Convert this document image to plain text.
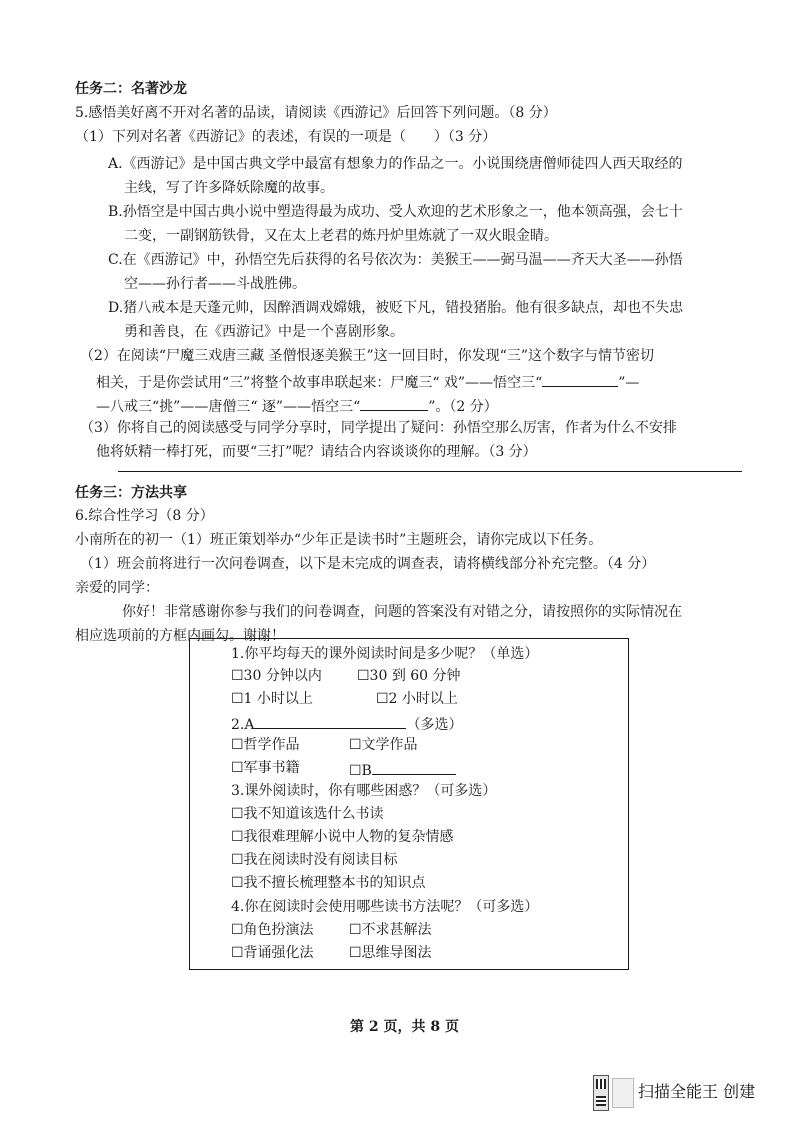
任务二：名著沙龙
5.感悟美好离不开对名著的品读，请阅读《西游记》后回答下列问题。（8 分）
（1）下列对名著《西游记》的表述，有误的一项是（　　）（3 分）
A.《西游记》是中国古典文学中最富有想象力的作品之一。小说围绕唐僧师徒四人西天取经的
主线，写了许多降妖除魔的故事。
B.孙悟空是中国古典小说中塑造得最为成功、受人欢迎的艺术形象之一，他本领高强，会七十
二变，一副钢筋铁骨，又在太上老君的炼丹炉里炼就了一双火眼金睛。
C.在《西游记》中，孙悟空先后获得的名号依次为：美猴王——弼马温——齐天大圣——孙悟
空——孙行者——斗战胜佛。
D.猪八戒本是天蓬元帅，因醉酒调戏嫦娥，被贬下凡，错投猪胎。他有很多缺点，却也不失忠
勇和善良，在《西游记》中是一个喜剧形象。
（2）在阅读“尸魔三戏唐三藏 圣僧恨逐美猴王”这一回目时，你发现“三”这个数字与情节密切
相关，于是你尝试用“三”将整个故事串联起来：尸魔三“ 戏”——悟空三“	”—
—八戒三“挑”——唐僧三“ 逐”——悟空三“	”。（2 分）
（3）你将自己的阅读感受与同学分享时，同学提出了疑问：孙悟空那么厉害，作者为什么不安排
他将妖精一棒打死，而要“三打”呢？请结合内容谈谈你的理解。（3 分）
任务三：方法共享
6.综合性学习（8 分）
小南所在的初一（1）班正策划举办“少年正是读书时”主题班会，请你完成以下任务。
（1）班会前将进行一次问卷调查，以下是未完成的调查表，请将横线部分补充完整。（4 分）
亲爱的同学：
你好！非常感谢你参与我们的问卷调查，问题的答案没有对错之分，请按照你的实际情况在
相应选项前的方框内画勾。谢谢！
1.你平均每天的课外阅读时间是多少呢？（单选）
☐30 分钟以内	☐30 到 60 分钟
☐1 小时以上	☐2 小时以上
2.A	（多选）
☐哲学作品	☐文学作品
☐军事书籍	☐B
3.课外阅读时，你有哪些困惑？（可多选）
☐我不知道该选什么书读
☐我很难理解小说中人物的复杂情感
☐我在阅读时没有阅读目标
☐我不擅长梳理整本书的知识点
4.你在阅读时会使用哪些读书方法呢？（可多选）
☐角色扮演法	☐不求甚解法
☐背诵强化法	☐思维导图法
第 2 页，共 8 页
扫描全能王 创建
